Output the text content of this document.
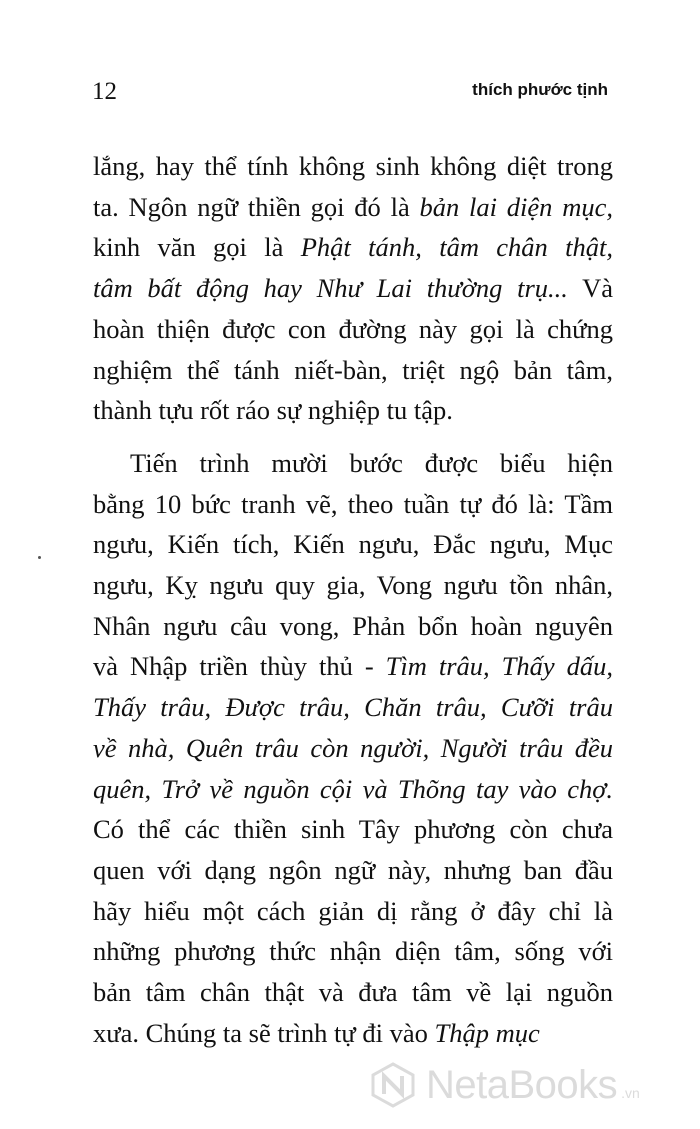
12	thích phước tịnh
lắng, hay thể tính không sinh không diệt trong
ta. Ngôn ngữ thiền gọi đó là bản lai diện mục,
kinh văn gọi là Phật tánh, tâm chân thật,
tâm bất động hay Như Lai thường trụ... Và
hoàn thiện được con đường này gọi là chứng
nghiệm thể tánh niết-bàn, triệt ngộ bản tâm,
thành tựu rốt ráo sự nghiệp tu tập.
Tiến trình mười bước được biểu hiện
bằng 10 bức tranh vẽ, theo tuần tự đó là: Tầm
ngưu, Kiến tích, Kiến ngưu, Đắc ngưu, Mục
ngưu, Kỵ ngưu quy gia, Vong ngưu tồn nhân,
Nhân ngưu câu vong, Phản bổn hoàn nguyên
và Nhập triền thùy thủ - Tìm trâu, Thấy dấu,
Thấy trâu, Được trâu, Chăn trâu, Cưỡi trâu
về nhà, Quên trâu còn người, Người trâu đều
quên, Trở về nguồn cội và Thõng tay vào chợ.
Có thể các thiền sinh Tây phương còn chưa
quen với dạng ngôn ngữ này, nhưng ban đầu
hãy hiểu một cách giản dị rằng ở đây chỉ là
những phương thức nhận diện tâm, sống với
bản tâm chân thật và đưa tâm về lại nguồn
xưa. Chúng ta sẽ trình tự đi vào Thập mục
NetaBooks .vn
